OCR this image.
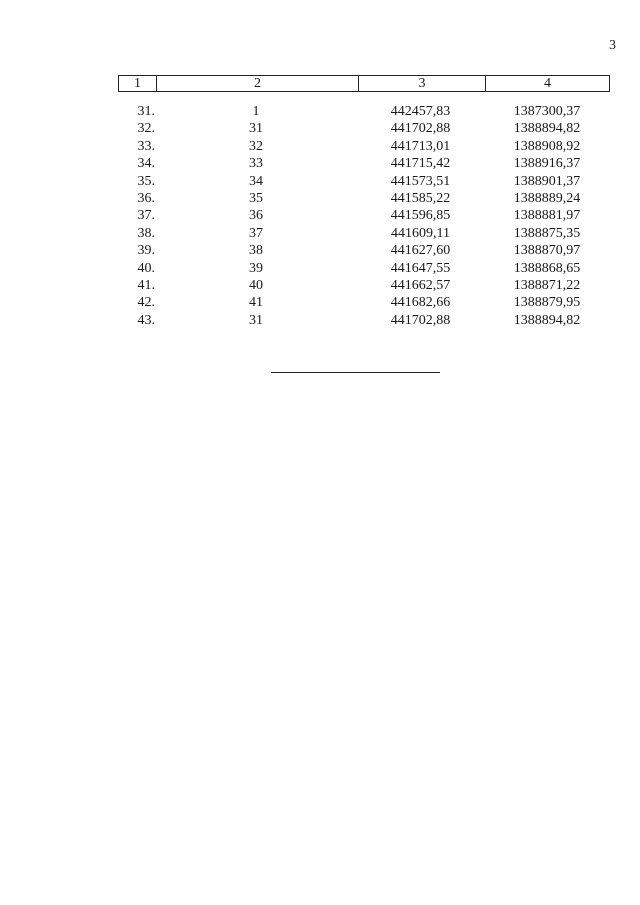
3
1	2	3	4
31.	1	442457,83	1387300,37
32.	31	441702,88	1388894,82
33.	32	441713,01	1388908,92
34.	33	441715,42	1388916,37
35.	34	441573,51	1388901,37
36.	35	441585,22	1388889,24
37.	36	441596,85	1388881,97
38.	37	441609,11	1388875,35
39.	38	441627,60	1388870,97
40.	39	441647,55	1388868,65
41.	40	441662,57	1388871,22
42.	41	441682,66	1388879,95
43.	31	441702,88	1388894,82
